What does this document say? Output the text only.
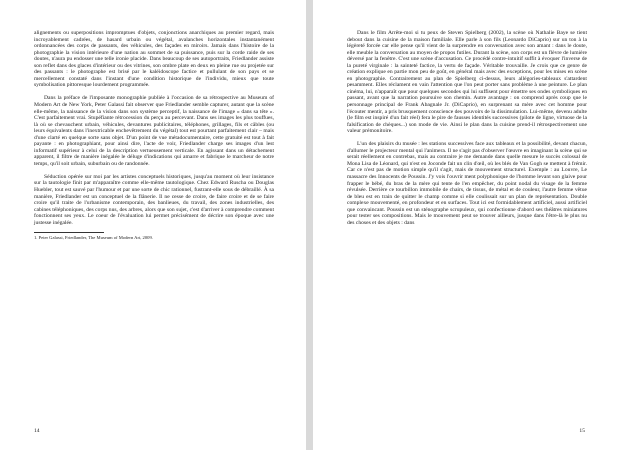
alignements ou superpositions impromptues d'objets, conjonctions anarchiques au premier regard, mais incroyablement cadrées, de hasard urbain ou végétal, avalanches horizontales instantanément ordonnancées des corps de passants, des véhicules, des façades en miroirs. Jamais dans l'histoire de la photographie la vision intérieure d'une nation au sommet de sa puissance, puis sur la corde raide de ses doutes, n'aura pu endosser une telle ironie placide. Dans beaucoup de ses autoportraits, Friedlander assiste son reflet dans des glaces d'intérieur ou des vitrines, son ombre plate en deux en pleine rue ou projetée sur des passants : le photographe est brisé par le kaléidoscope factice et pullulant de son pays et se mercellement constaté dans l'instant d'une condition historique de l'individu, mieux que toute symbolisation pittoresque lourdement programmée.

Dans la préface de l'imposante monographie publiée à l'occasion de sa rétrospective au Museum of Modern Art de New York, Peter Galassi fait observer que Friedlander semble capturer, autant que la scène elle-même, la naissance de la vision dans son système perceptif, la naissance de l'image « dans sa tête ». C'est parfaitement vrai. Stupéfiante rétrocession du perçu au percevant. Dans ses images les plus touffues, là où se chevauchent urbain, véhicules, devantures publicitaires, téléphones, grillages, fils et câbles (ou leurs équivalents dans l'inextricable enchevêtrement du végétal) tout est pourtant parfaitement clair – mais d'une clarté en quelque sorte sans objet. D'un point de vue métadocumentaire, cette gratuité est tout à fait payante : en photographiant, pour ainsi dire, l'acte de voir, Friedlander charge ses images d'un lest informatif supérieur à celui de la description vertueusement verticale. En agissant dans un détachement apparent, il filtre de manière inégalée le déluge d'indications qui amarre et fabrique le marcheur de notre temps, qu'il soit urbain, suburbain ou de randonnée.

Séduction opérée sur moi par les artistes conceptuels historiques, jusqu'au moment où leur insistance sur la tautologie finit par m'apparaître comme elle-même tautologique. Chez Edward Ruscha ou Douglas Huebler, tout est sauvé par l'humour et par une sorte de chic rationnel, fustrant-elle sous de débraillé. À sa manière, Friedlander est un conceptuel de la flânerie. Il ne cesse de croire, de faire croire et de se faire croire qu'il traite de l'urbanisme contemporain, des banlieues, du travail, des zones industrielles, des cabines téléphoniques, des corps nus, des arbres, alors que son sujet, c'est d'arriver à comprendre comment fonctionnent ses yeux. Le coeur de l'évaluation lui permet précisément de décrire son époque avec une justesse inégalée.

1. Peter Galassi, Friedlander, The Museum of Modern Art, 2009.

14

Dans le film Arrête-moi si tu peux de Steven Spielberg (2002), la scène où Nathalie Baye se tient debout dans la cuisine de la maison familiale. Elle parle à son fils (Leonardo DiCaprio) sur un ton à la légèreté forcée car elle pense qu'il vient de la surprendre en conversation avec son amant : dans le doute, elle meuble la conversation au moyen de propos futiles. Durant la scène, son corps est un flèvre de lumière déversé par la fenêtre. C'est une scène d'accusation. Ce procédé contre-intuitif suffit à évoquer l'inverse de la pureté virginale : la sainteté factice, la vertu de façade. Véritable trouvaille. Je crois que ce genre de création explique en partie mon peu de goût, en général mais avec des exceptions, pour les mises en scène en photographie. Contrairement au plan de Spielberg ci-dessus, leurs allégories-tableaux s'attardent pesamment. Elles réclament en vain l'attention que l'on peut porter sans problème à une peinture. Le plan cinéma, lui, n'apparaît que pour quelques secondes qui lui suffisent pour émettre ses ondes symboliques en passant, avant que la narration poursuive son chemin. Autre avantage : on comprend après coup que le personnage principal de Frank Abagnale Jr. (DiCaprio), en surprenant sa mère avec cet homme pour l'écouter mentir, a pris brusquement conscience des pouvoirs de la dissimulation. Lui-même, devenu adulte (le film est inspiré d'un fait réel) fera le pire de fausses identités successives (pilote de ligne, virtuose de la falsification de chèques...) son mode de vie. Ainsi le plan dans la cuisine prend-il rétrospectivement une valeur prémonitoire.

L'un des plaisirs du musée : les stations successives face aux tableaux et la possibilité, devant chacun, d'allumer le projecteur mental qui l'animera. Il ne s'agit pas d'observer l'œuvre en imaginant la scène qui se serait réellement en contrebas, mais au contraire je me demande dans quelle mesure le succès colossal de Mona Lisa de Léonard, qui n'est en Joconde fait un clin d'œil, où les blés de Van Gogh se mettent à frémir. Car ce n'est pas de motion simple qu'il s'agit, mais de mouvement structurel. Exemple : au Louvre, Le massacre des Innocents de Poussin. J'y vois l'ouvrir ment polyphonique de l'homme levant son glaive pour frapper le bébé, du bras de la mère qui tente de l'en empêcher, du point nodal du visage de la femme révulsée. Derrière ce tourbillon immobile de chairs, de tissus, de métal et de couleur, l'autre femme vêtue de bleu est en train de quitter le champ comme si elle coulissait sur un plan de représentation. Double complexe mouvementé, en profondeur et en surfaces. Tout ici est formidablement artificiel, aussi artificiel que convaincant. Poussin est un sténographe scrupuleux, qui confectionne d'abord ses théâtres miniatures pour tester ses compositions. Mais le mouvement peut se trouver ailleurs, jusque dans l'être-là le plus nu des choses et des objets : dans

15
